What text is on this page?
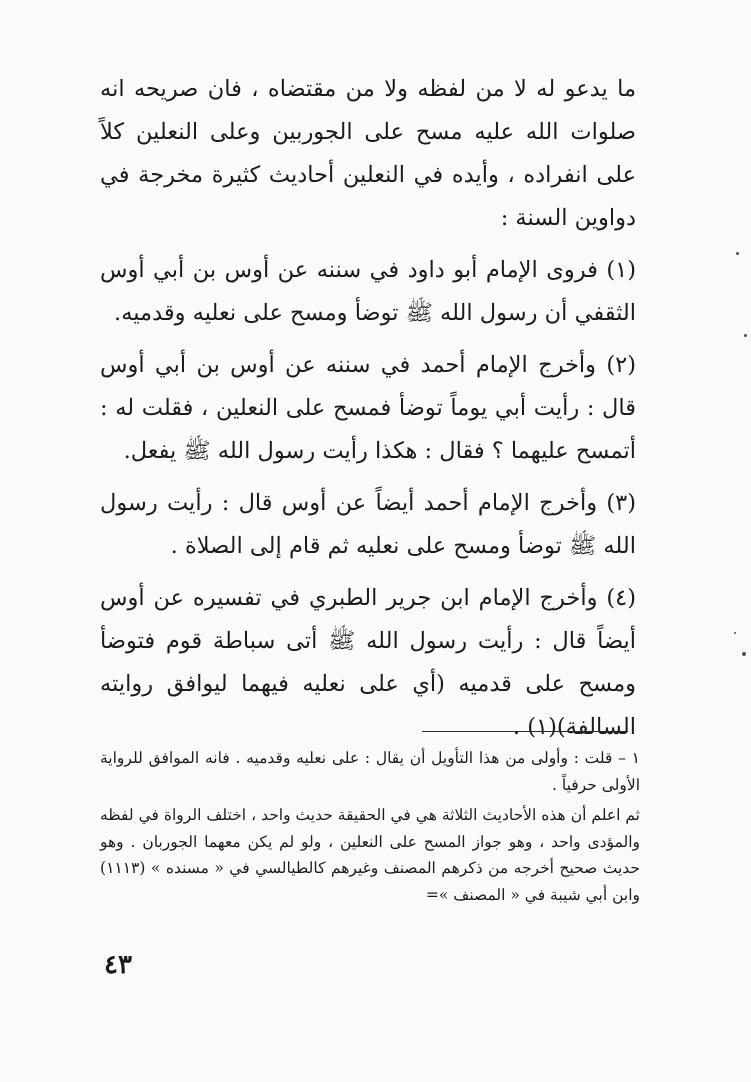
ما يدعو له لا من لفظه ولا من مقتضاه ، فان صريحه انه صلوات الله عليه مسح على الجوربين وعلى النعلين كلاً على انفراده ، وأيده في النعلين أحاديث كثيرة مخرجة في دواوين السنة :

(١) فروى الإمام أبو داود في سننه عن أوس بن أبي أوس الثقفي أن رسول الله ﷺ توضأ ومسح على نعليه وقدميه.

(٢) وأخرج الإمام أحمد في سننه عن أوس بن أبي أوس قال : رأيت أبي يوماً توضأ فمسح على النعلين ، فقلت له : أتمسح عليهما ؟ فقال : هكذا رأيت رسول الله ﷺ يفعل.

(٣) وأخرج الإمام أحمد أيضاً عن أوس قال : رأيت رسول الله ﷺ توضأ ومسح على نعليه ثم قام إلى الصلاة .

(٤) وأخرج الإمام ابن جرير الطبري في تفسيره عن أوس أيضاً قال : رأيت رسول الله ﷺ أتى سباطة قوم فتوضأ ومسح على قدميه (أي على نعليه فيهما ليوافق روايته السالفة)(١) .

١ – قلت : وأولى من هذا التأويل أن يقال : على نعليه وقدميه . فانه الموافق للرواية الأولى حرفياً .

ثم اعلم أن هذه الأحاديث الثلاثة هي في الحقيقة حديث واحد ، اختلف الرواة في لفظه والمؤدى واحد ، وهو جواز المسح على النعلين ، ولو لم يكن معهما الجوربان . وهو حديث صحيح أخرجه من ذكرهم المصنف وغيرهم كالطيالسي في « مسنده » (١١١٣) وابن أبي شيبة في « المصنف »=

٤٣
